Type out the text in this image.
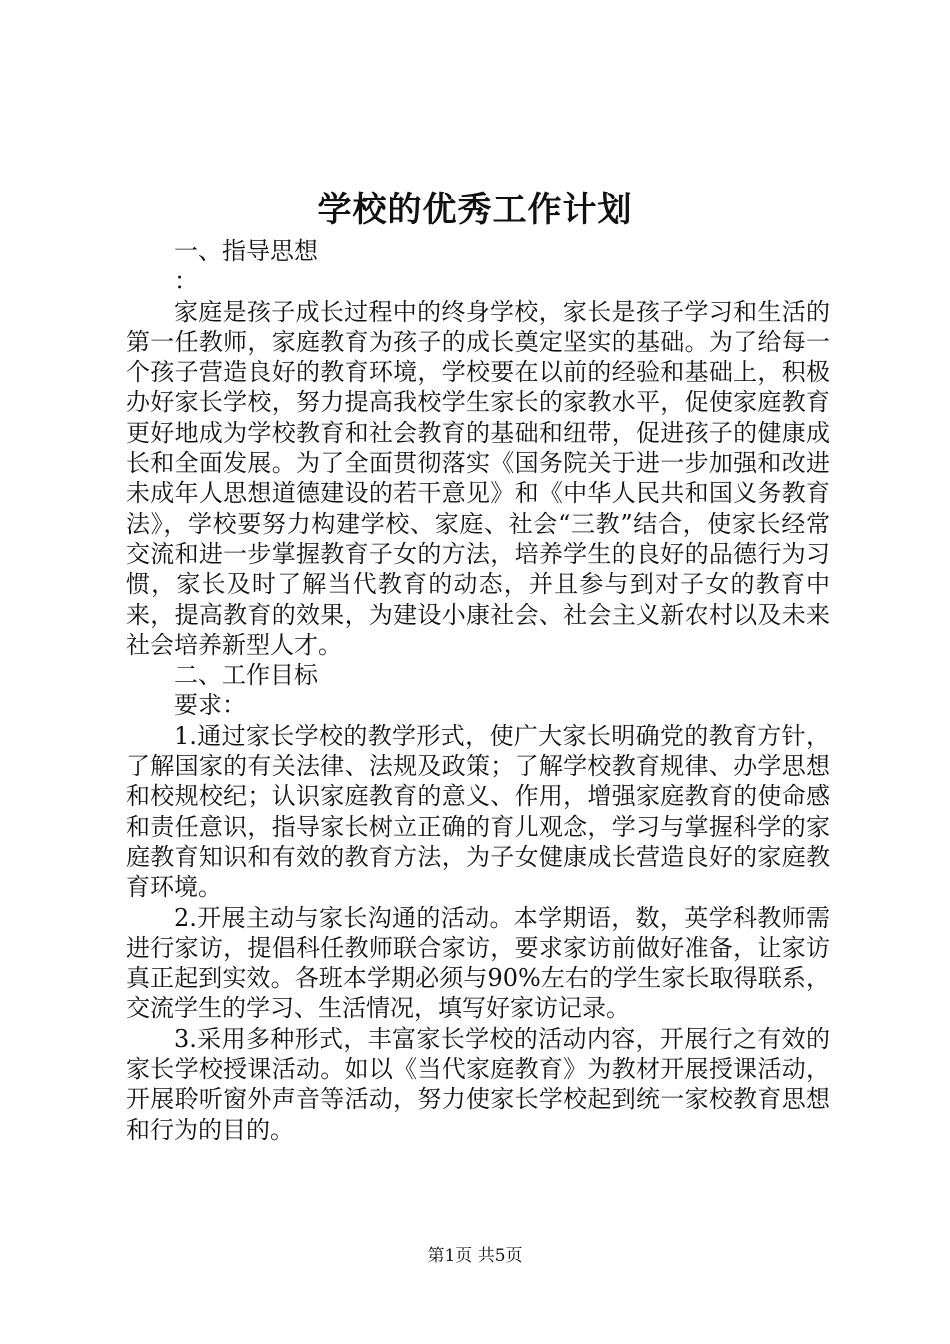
学校的优秀工作计划

一、指导思想

：

家庭是孩子成长过程中的终身学校，家长是孩子学习和生活的第一任教师，家庭教育为孩子的成长奠定坚实的基础。为了给每一个孩子营造良好的教育环境，学校要在以前的经验和基础上，积极办好家长学校，努力提高我校学生家长的家教水平，促使家庭教育更好地成为学校教育和社会教育的基础和纽带，促进孩子的健康成长和全面发展。为了全面贯彻落实《国务院关于进一步加强和改进未成年人思想道德建设的若干意见》和《中华人民共和国义务教育法》，学校要努力构建学校、家庭、社会“三教”结合，使家长经常交流和进一步掌握教育子女的方法，培养学生的良好的品德行为习惯，家长及时了解当代教育的动态，并且参与到对子女的教育中来，提高教育的效果，为建设小康社会、社会主义新农村以及未来社会培养新型人才。

二、工作目标

要求：

1.通过家长学校的教学形式，使广大家长明确党的教育方针，了解国家的有关法律、法规及政策；了解学校教育规律、办学思想和校规校纪；认识家庭教育的意义、作用，增强家庭教育的使命感和责任意识，指导家长树立正确的育儿观念，学习与掌握科学的家庭教育知识和有效的教育方法，为子女健康成长营造良好的家庭教育环境。

2.开展主动与家长沟通的活动。本学期语，数，英学科教师需进行家访，提倡科任教师联合家访，要求家访前做好准备，让家访真正起到实效。各班本学期必须与90%左右的学生家长取得联系，交流学生的学习、生活情况，填写好家访记录。

3.采用多种形式，丰富家长学校的活动内容，开展行之有效的家长学校授课活动。如以《当代家庭教育》为教材开展授课活动，开展聆听窗外声音等活动，努力使家长学校起到统一家校教育思想和行为的目的。

第1页 共5页
